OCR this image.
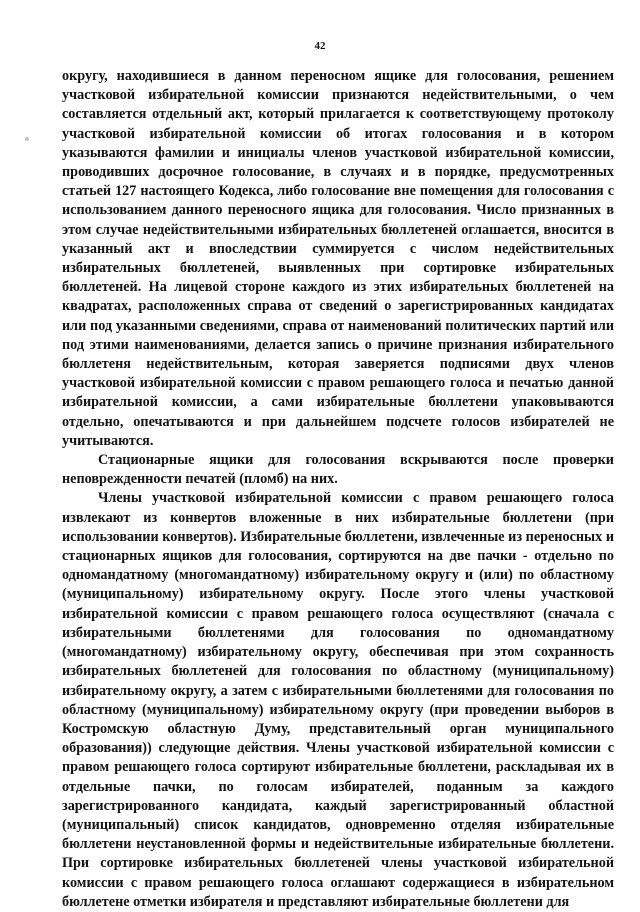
42

округу, находившиеся в данном переносном ящике для голосования, решением участковой избирательной комиссии признаются недействительными, о чем составляется отдельный акт, который прилагается к соответствующему протоколу участковой избирательной комиссии об итогах голосования и в котором указываются фамилии и инициалы членов участковой избирательной комиссии, проводивших досрочное голосование, в случаях и в порядке, предусмотренных статьей 127 настоящего Кодекса, либо голосование вне помещения для голосования с использованием данного переносного ящика для голосования. Число признанных в этом случае недействительными избирательных бюллетеней оглашается, вносится в указанный акт и впоследствии суммируется с числом недействительных избирательных бюллетеней, выявленных при сортировке избирательных бюллетеней. На лицевой стороне каждого из этих избирательных бюллетеней на квадратах, расположенных справа от сведений о зарегистрированных кандидатах или под указанными сведениями, справа от наименований политических партий или под этими наименованиями, делается запись о причине признания избирательного бюллетеня недействительным, которая заверяется подписями двух членов участковой избирательной комиссии с правом решающего голоса и печатью данной избирательной комиссии, а сами избирательные бюллетени упаковываются отдельно, опечатываются и при дальнейшем подсчете голосов избирателей не учитываются.

Стационарные ящики для голосования вскрываются после проверки неповрежденности печатей (пломб) на них.

Члены участковой избирательной комиссии с правом решающего голоса извлекают из конвертов вложенные в них избирательные бюллетени (при использовании конвертов). Избирательные бюллетени, извлеченные из переносных и стационарных ящиков для голосования, сортируются на две пачки - отдельно по одномандатному (многомандатному) избирательному округу и (или) по областному (муниципальному) избирательному округу. После этого члены участковой избирательной комиссии с правом решающего голоса осуществляют (сначала с избирательными бюллетенями для голосования по одномандатному (многомандатному) избирательному округу, обеспечивая при этом сохранность избирательных бюллетеней для голосования по областному (муниципальному) избирательному округу, а затем с избирательными бюллетенями для голосования по областному (муниципальному) избирательному округу (при проведении выборов в Костромскую областную Думу, представительный орган муниципального образования)) следующие действия. Члены участковой избирательной комиссии с правом решающего голоса сортируют избирательные бюллетени, раскладывая их в отдельные пачки, по голосам избирателей, поданным за каждого зарегистрированного кандидата, каждый зарегистрированный областной (муниципальный) список кандидатов, одновременно отделяя избирательные бюллетени неустановленной формы и недействительные избирательные бюллетени. При сортировке избирательных бюллетеней члены участковой избирательной комиссии с правом решающего голоса оглашают содержащиеся в избирательном бюллетене отметки избирателя и представляют избирательные бюллетени для
